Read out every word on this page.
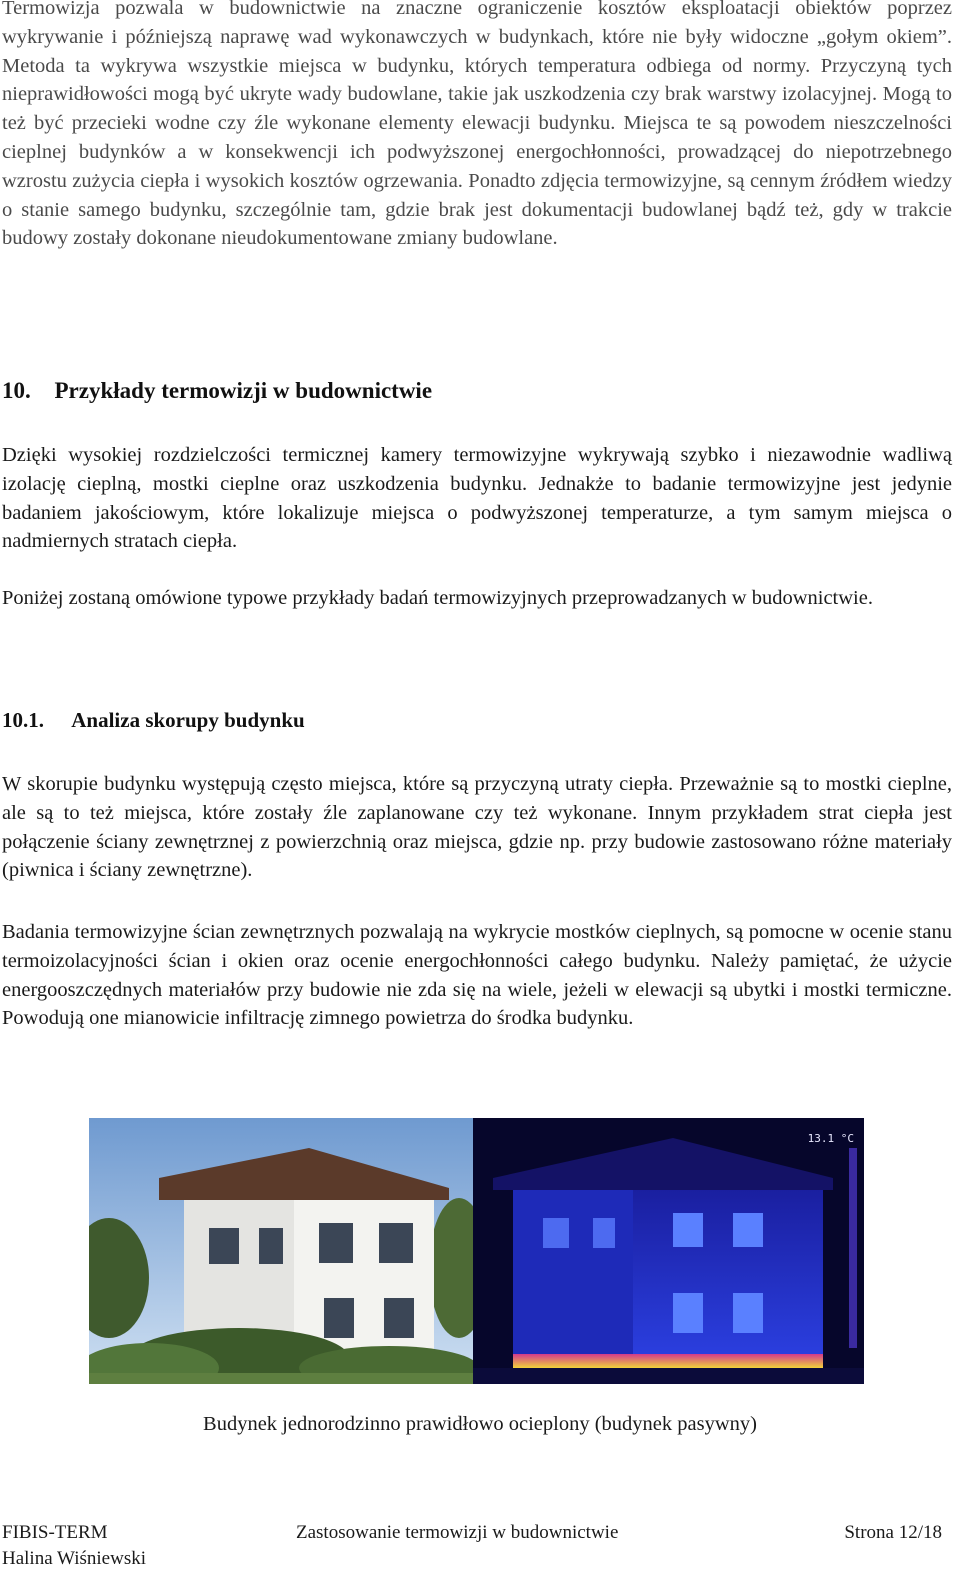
Termowizja pozwala w budownictwie na znaczne ograniczenie kosztów eksploatacji obiektów poprzez wykrywanie i późniejszą naprawę wad wykonawczych w budynkach, które nie były widoczne „gołym okiem”. Metoda ta wykrywa wszystkie miejsca w budynku, których temperatura odbiega od normy. Przyczyną tych nieprawidłowości mogą być ukryte wady budowlane, takie jak uszkodzenia czy brak warstwy izolacyjnej. Mogą to też być przecieki wodne czy źle wykonane elementy elewacji budynku. Miejsca te są powodem nieszczelności cieplnej budynków a w konsekwencji ich podwyższonej energochłonności, prowadzącej do niepotrzebnego wzrostu zużycia ciepła i wysokich kosztów ogrzewania. Ponadto zdjęcia termowizyjne, są cennym źródłem wiedzy o stanie samego budynku, szczególnie tam, gdzie brak jest dokumentacji budowlanej bądź też, gdy w trakcie budowy zostały dokonane nieudokumentowane zmiany budowlane.

10. Przykłady termowizji w budownictwie

Dzięki wysokiej rozdzielczości termicznej kamery termowizyjne wykrywają szybko i niezawodnie wadliwą izolację cieplną, mostki cieplne oraz uszkodzenia budynku. Jednakże to badanie termowizyjne jest jedynie badaniem jakościowym, które lokalizuje miejsca o podwyższonej temperaturze, a tym samym miejsca o nadmiernych stratach ciepła.

Poniżej zostaną omówione typowe przykłady badań termowizyjnych przeprowadzanych w budownictwie.

10.1. Analiza skorupy budynku

W skorupie budynku występują często miejsca, które są przyczyną utraty ciepła. Przeważnie są to mostki cieplne, ale są to też miejsca, które zostały źle zaplanowane czy też wykonane. Innym przykładem strat ciepła jest połączenie ściany zewnętrznej z powierzchnią oraz miejsca, gdzie np. przy budowie zastosowano różne materiały (piwnica i ściany zewnętrzne).

Badania termowizyjne ścian zewnętrznych pozwalają na wykrycie mostków cieplnych, są pomocne w ocenie stanu termoizolacyjności ścian i okien oraz ocenie energochłonności całego budynku. Należy pamiętać, że użycie energooszczędnych materiałów przy budowie nie zda się na wiele, jeżeli w elewacji są ubytki i mostki termiczne. Powodują one mianowicie infiltrację zimnego powietrza do środka budynku.

13.1 °C
Budynek jednorodzinno prawidłowo ocieplony (budynek pasywny)
FIBIS-TERM	Zastosowanie termowizji w budownictwie	Strona 12/18
Halina Wiśniewski
